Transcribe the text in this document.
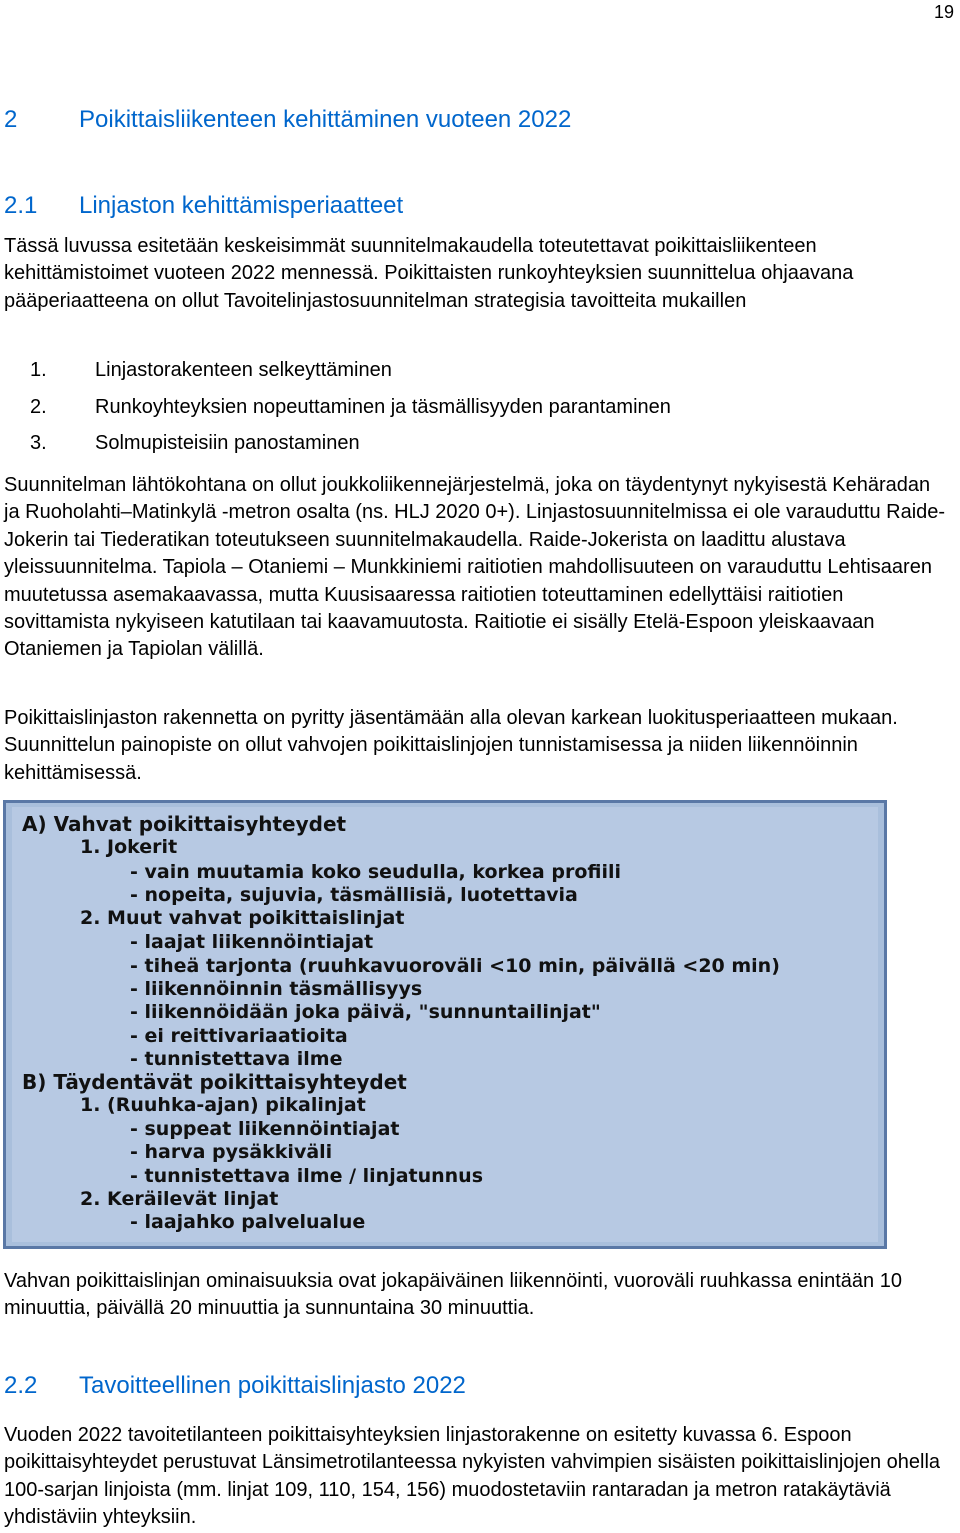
19
2	Poikittaisliikenteen kehittäminen vuoteen 2022
2.1 Linjaston kehittämisperiaatteet

Tässä luvussa esitetään keskeisimmät suunnitelmakaudella toteutettavat poikittaisliikenteen kehittämistoimet vuoteen 2022 mennessä. Poikittaisten runkoyhteyksien suunnittelua ohjaavana pääperiaatteena on ollut Tavoitelinjastosuunnitelman strategisia tavoitteita mukaillen

1. Linjastorakenteen selkeyttäminen
2. Runkoyhteyksien nopeuttaminen ja täsmällisyyden parantaminen
3. Solmupisteisiin panostaminen

Suunnitelman lähtökohtana on ollut joukkoliikennejärjestelmä, joka on täydentynyt nykyisestä Kehäradan ja Ruoholahti–Matinkylä -metron osalta (ns. HLJ 2020 0+). Linjastosuunnitelmissa ei ole varauduttu Raide-Jokerin tai Tiederatikan toteutukseen suunnitelmakaudella. Raide-Jokerista on laadittu alustava yleissuunnitelma. Tapiola – Otaniemi – Munkkiniemi raitiotien mahdollisuuteen on varauduttu Lehtisaaren muutetussa asemakaavassa, mutta Kuusisaaressa raitiotien toteuttaminen edellyttäisi raitiotien sovittamista nykyiseen katutilaan tai kaavamuutosta. Raitiotie ei sisälly Etelä-Espoon yleiskaavaan Otaniemen ja Tapiolan välillä.

Poikittaislinjaston rakennetta on pyritty jäsentämään alla olevan karkean luokitusperiaatteen mukaan. Suunnittelun painopiste on ollut vahvojen poikittaislinjojen tunnistamisessa ja niiden liikennöinnin kehittämisessä.

A) Vahvat poikittaisyhteydet
1. Jokerit
- vain muutamia koko seudulla, korkea profiili
- nopeita, sujuvia, täsmällisiä, luotettavia
2. Muut vahvat poikittaislinjat
- laajat liikennöintiajat
- tiheä tarjonta (ruuhkavuoroväli <10 min, päivällä <20 min)
- liikennöinnin täsmällisyys
- liikennöidään joka päivä, "sunnuntailinjat"
- ei reittivariaatioita
- tunnistettava ilme
B) Täydentävät poikittaisyhteydet
1. (Ruuhka-ajan) pikalinjat
- suppeat liikennöintiajat
- harva pysäkkiväli
- tunnistettava ilme / linjatunnus
2. Keräilevät linjat
- laajahko palvelualue

Vahvan poikittaislinjan ominaisuuksia ovat jokapäiväinen liikennöinti, vuoroväli ruuhkassa enintään 10 minuuttia, päivällä 20 minuuttia ja sunnuntaina 30 minuuttia.

2.2 Tavoitteellinen poikittaislinjasto 2022

Vuoden 2022 tavoitetilanteen poikittaisyhteyksien linjastorakenne on esitetty kuvassa 6. Espoon poikittaisyhteydet perustuvat Länsimetrotilanteessa nykyisten vahvimpien sisäisten poikittaislinjojen ohella 100-sarjan linjoista (mm. linjat 109, 110, 154, 156) muodostetaviin rantaradan ja metron ratakäytäviä yhdistäviin yhteyksiin.
